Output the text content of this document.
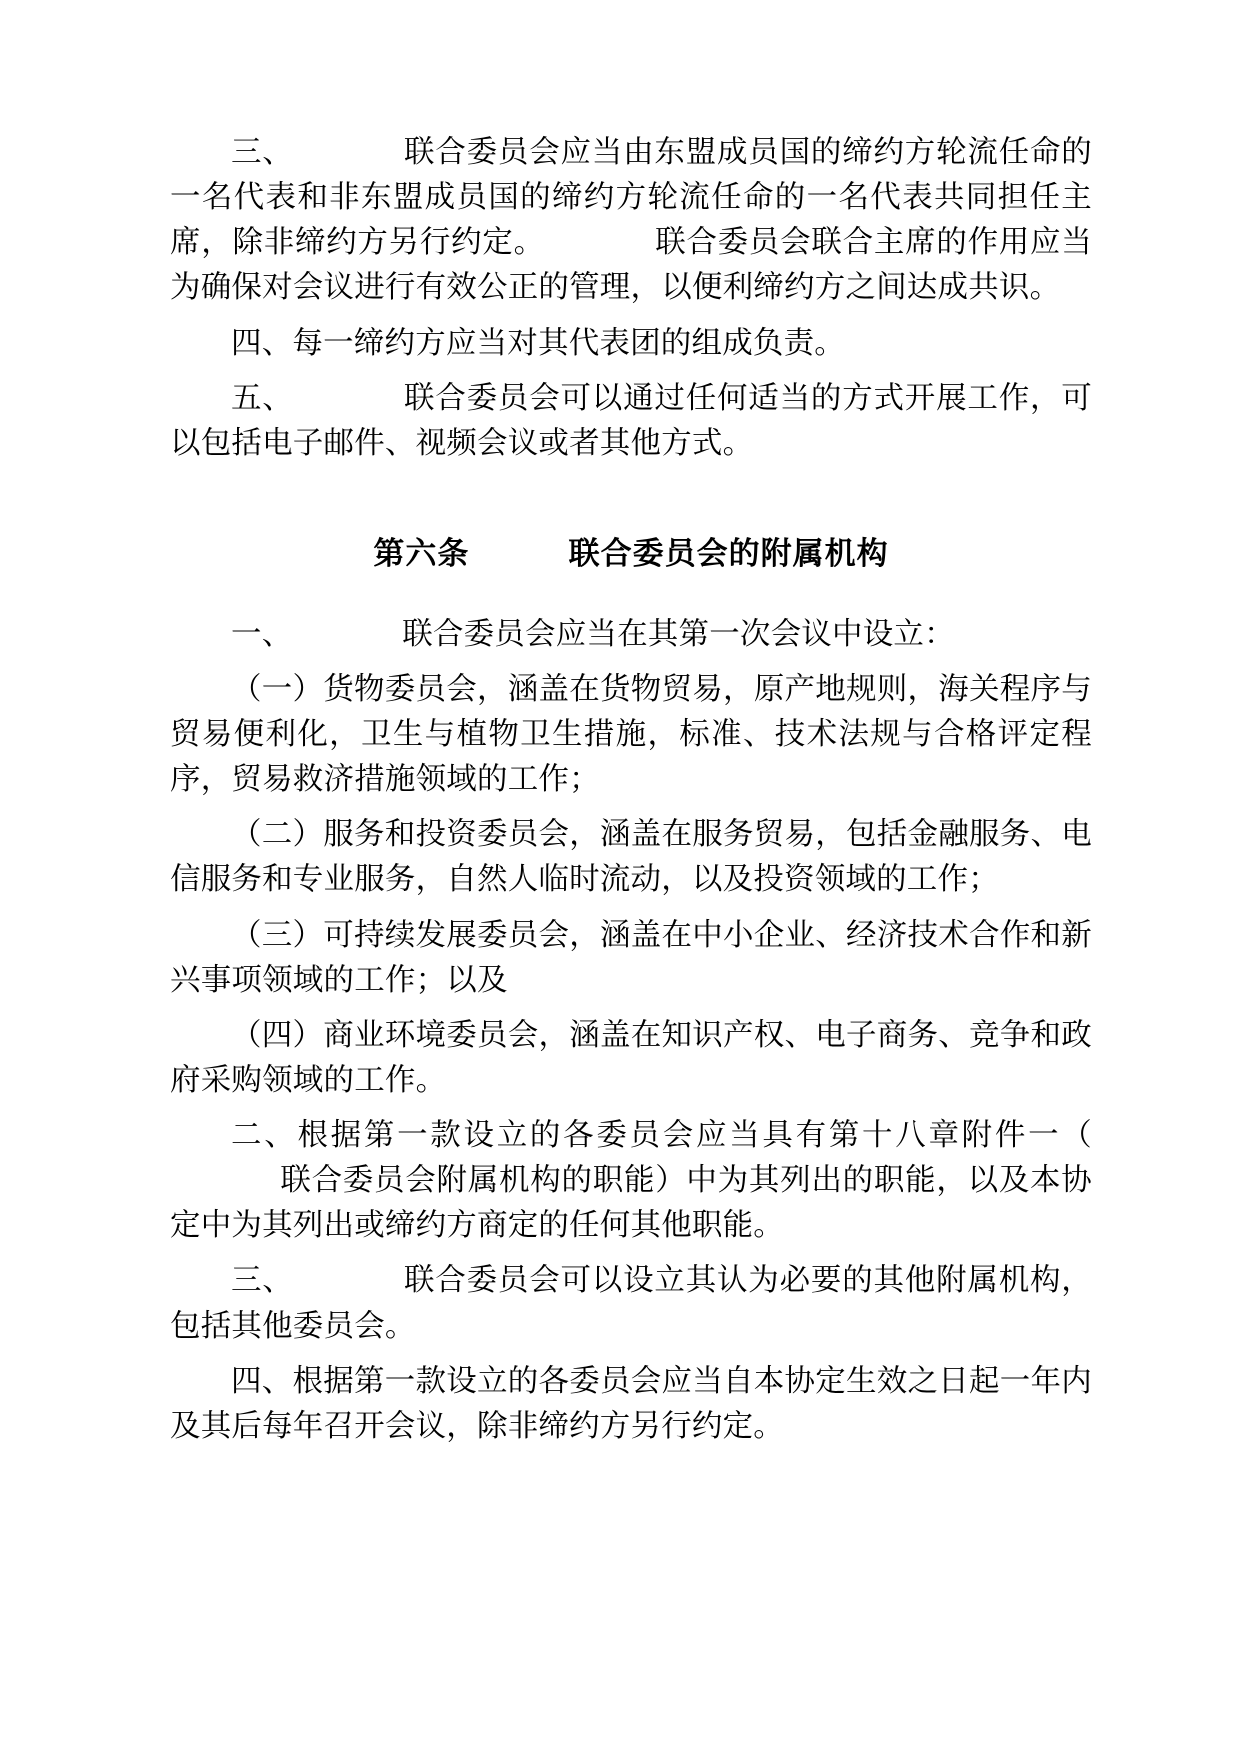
三、	联合委员会应当由东盟成员国的缔约方轮流任命的一名代表和非东盟成员国的缔约方轮流任命的一名代表共同担任主席，除非缔约方另行约定。	联合委员会联合主席的作用应当为确保对会议进行有效公正的管理，以便利缔约方之间达成共识。

四、每一缔约方应当对其代表团的组成负责。

五、	联合委员会可以通过任何适当的方式开展工作，可以包括电子邮件、视频会议或者其他方式。

第六条	联合委员会的附属机构

一、	联合委员会应当在其第一次会议中设立：

（一）货物委员会，涵盖在货物贸易，原产地规则，海关程序与贸易便利化，卫生与植物卫生措施，标准、技术法规与合格评定程序，贸易救济措施领域的工作；

（二）服务和投资委员会，涵盖在服务贸易，包括金融服务、电信服务和专业服务，自然人临时流动，以及投资领域的工作；

（三）可持续发展委员会，涵盖在中小企业、经济技术合作和新兴事项领域的工作；以及

（四）商业环境委员会，涵盖在知识产权、电子商务、竞争和政府采购领域的工作。

二、根据第一款设立的各委员会应当具有第十八章附件一（联合委员会附属机构的职能）中为其列出的职能，以及本协定中为其列出或缔约方商定的任何其他职能。

三、	联合委员会可以设立其认为必要的其他附属机构，包括其他委员会。

四、根据第一款设立的各委员会应当自本协定生效之日起一年内及其后每年召开会议，除非缔约方另行约定。
